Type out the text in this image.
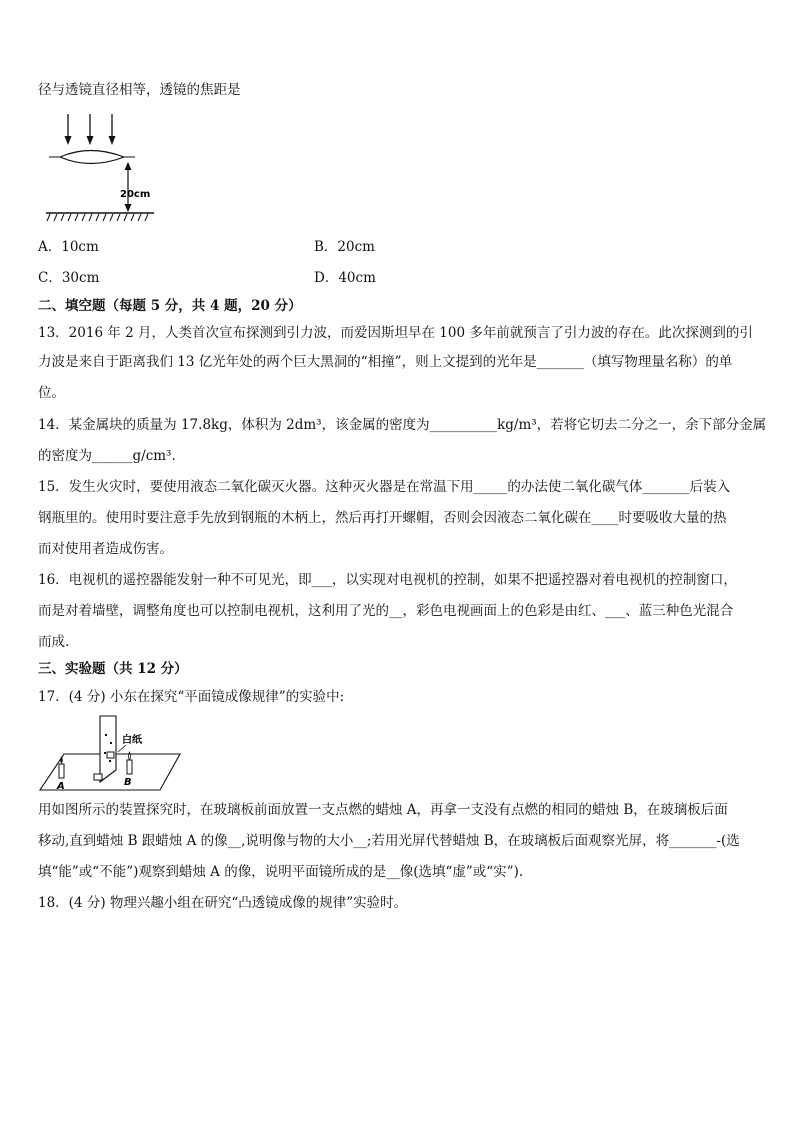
径与透镜直径相等，透镜的焦距是
20cm
A．10cm	B．20cm
C．30cm	D．40cm
二、填空题（每题 5 分，共 4 题，20 分）
13．2016 年 2 月，人类首次宣布探测到引力波，而爱因斯坦早在 100 多年前就预言了引力波的存在。此次探测到的引
力波是来自于距离我们 13 亿光年处的两个巨大黑洞的“相撞”，则上文提到的光年是_______（填写物理量名称）的单
位。
14．某金属块的质量为 17.8kg，体积为 2dm³，该金属的密度为__________kg/m³，若将它切去二分之一，余下部分金属
的密度为______g/cm³.
15．发生火灾时，要使用液态二氧化碳灭火器。这种灭火器是在常温下用_____的办法使二氧化碳气体_______后装入
钢瓶里的。使用时要注意手先放到钢瓶的木柄上，然后再打开螺帽，否则会因液态二氧化碳在____时要吸收大量的热
而对使用者造成伤害。
16．电视机的遥控器能发射一种不可见光，即___，以实现对电视机的控制，如果不把遥控器对着电视机的控制窗口，
而是对着墙壁，调整角度也可以控制电视机，这利用了光的__，彩色电视画面上的色彩是由红、___、蓝三种色光混合
而成.
三、实验题（共 12 分）
17．(4 分) 小东在探究“平面镜成像规律”的实验中:
白纸
A	B
用如图所示的装置探究时，在玻璃板前面放置一支点燃的蜡烛 A，再拿一支没有点燃的相同的蜡烛 B，在玻璃板后面
移动,直到蜡烛 B 跟蜡烛 A 的像__,说明像与物的大小__;若用光屏代替蜡烛 B，在玻璃板后面观察光屏，将_______-(选
填“能”或“不能”)观察到蜡烛 A 的像，说明平面镜所成的是__像(选填“虚”或“实”).
18．(4 分) 物理兴趣小组在研究“凸透镜成像的规律”实验时。
